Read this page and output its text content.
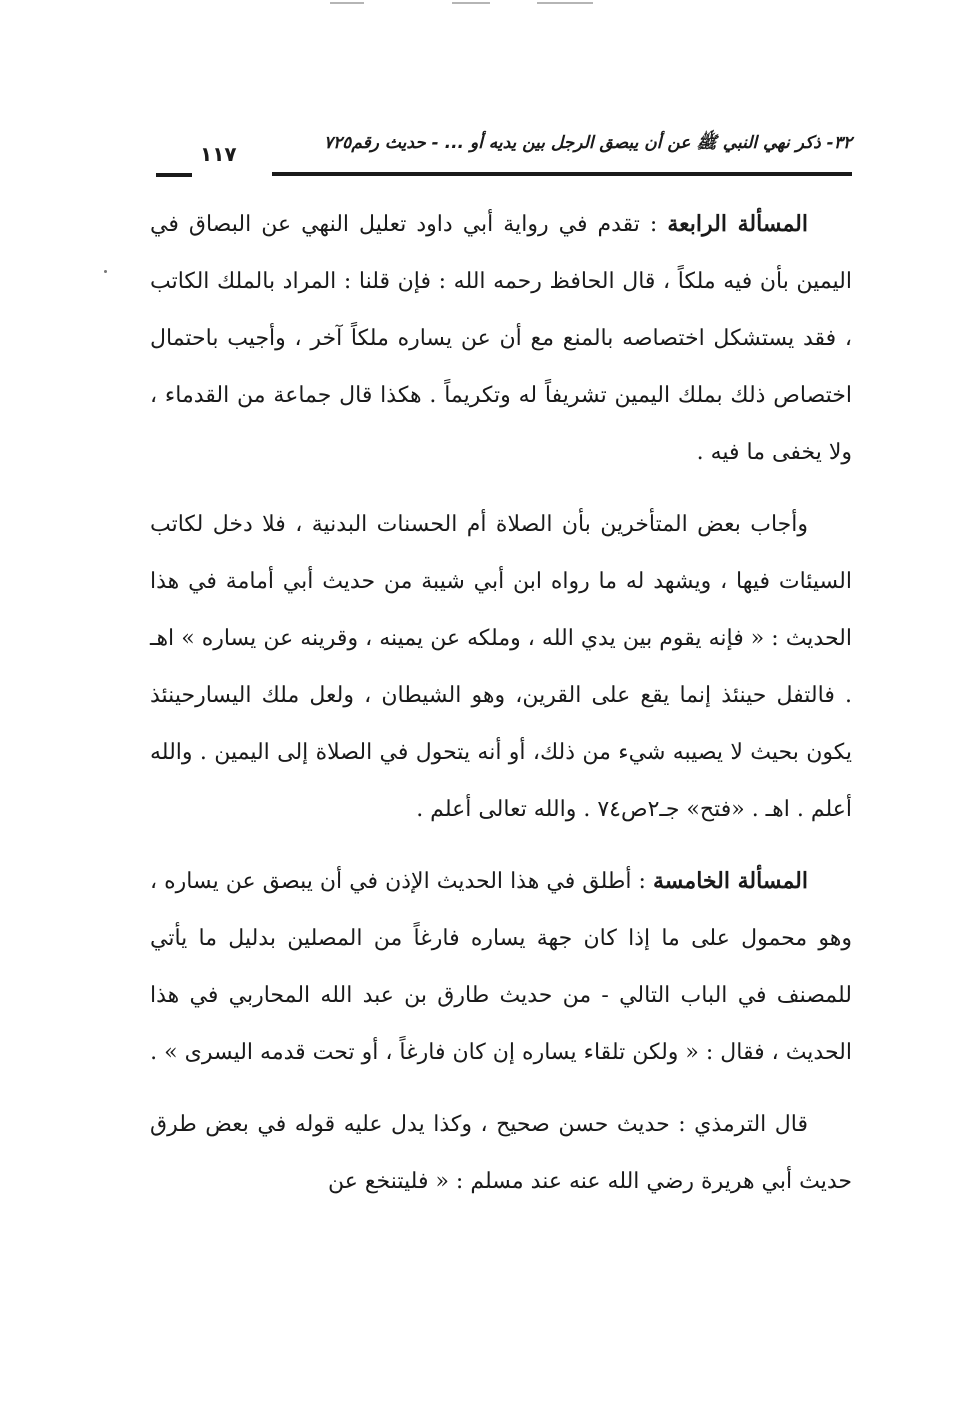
٣٢- ذكر نهي النبي ﷺ عن أن يبصق الرجل بين يديه أو ... - حديث رقم٧٢٥
١١٧

المسألة الرابعة : تقدم في رواية أبي داود تعليل النهي عن البصاق في اليمين بأن فيه ملكاً ، قال الحافظ رحمه الله : فإن قلنا : المراد بالملك الكاتب ، فقد يستشكل اختصاصه بالمنع مع أن عن يساره ملكاً آخر ، وأجيب باحتمال اختصاص ذلك بملك اليمين تشريفاً له وتكريماً . هكذا قال جماعة من القدماء ، ولا يخفى ما فيه .

وأجاب بعض المتأخرين بأن الصلاة أم الحسنات البدنية ، فلا دخل لكاتب السيئات فيها ، ويشهد له ما رواه ابن أبي شيبة من حديث أبي أمامة في هذا الحديث : « فإنه يقوم بين يدي الله ، وملكه عن يمينه ، وقرينه عن يساره » اهـ . فالتفل حينئذ إنما يقع على القرين، وهو الشيطان ، ولعل ملك اليسارحينئذ يكون بحيث لا يصيبه شيء من ذلك، أو أنه يتحول في الصلاة إلى اليمين . والله أعلم . اهـ . «فتح» جـ٢ص٧٤ . والله تعالى أعلم .

المسألة الخامسة : أطلق في هذا الحديث الإذن في أن يبصق عن يساره ، وهو محمول على ما إذا كان جهة يساره فارغاً من المصلين بدليل ما يأتي للمصنف في الباب التالي - من حديث طارق بن عبد الله المحاربي في هذا الحديث ، فقال : « ولكن تلقاء يساره إن كان فارغاً ، أو تحت قدمه اليسرى » .

قال الترمذي : حديث حسن صحيح ، وكذا يدل عليه قوله في بعض طرق حديث أبي هريرة رضي الله عنه عند مسلم : « فليتنخع عن
